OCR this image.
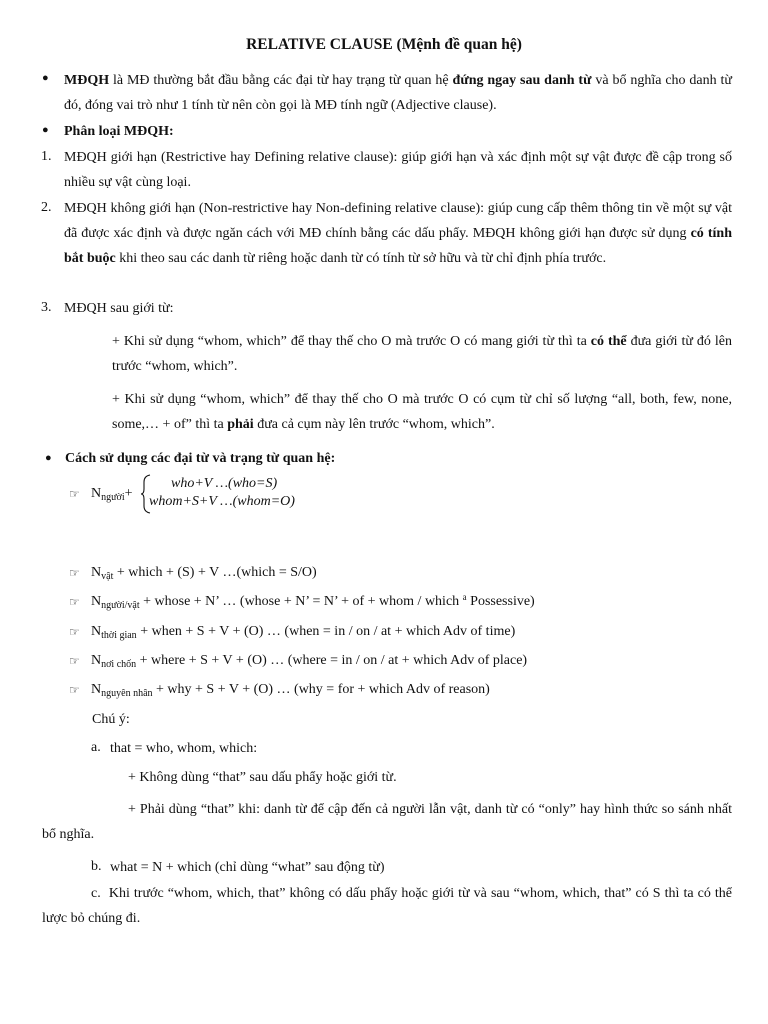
RELATIVE CLAUSE (Mệnh đề quan hệ)
● MĐQH là MĐ thường bắt đầu bằng các đại từ hay trạng từ quan hệ đứng ngay sau danh từ và bổ nghĩa cho danh từ đó, đóng vai trò như 1 tính từ nên còn gọi là MĐ tính ngữ (Adjective clause).
● Phân loại MĐQH:
1. MĐQH giới hạn (Restrictive hay Defining relative clause): giúp giới hạn và xác định một sự vật được đề cập trong số nhiều sự vật cùng loại.
2. MĐQH không giới hạn (Non-restrictive hay Non-defining relative clause): giúp cung cấp thêm thông tin về một sự vật đã được xác định và được ngăn cách với MĐ chính bằng các dấu phẩy. MĐQH không giới hạn được sử dụng có tính bắt buộc khi theo sau các danh từ riêng hoặc danh từ có tính từ sở hữu và từ chỉ định phía trước.
3. MĐQH sau giới từ:
+ Khi sử dụng “whom, which” để thay thế cho O mà trước O có mang giới từ thì ta có thể đưa giới từ đó lên trước “whom, which”.
+ Khi sử dụng “whom, which” để thay thế cho O mà trước O có cụm từ chỉ số lượng “all, both, few, none, some,… + of” thì ta phải đưa cả cụm này lên trước “whom, which”.
● Cách sử dụng các đại từ và trạng từ quan hệ:
☞ $N_{người}+$
who+V …(who=S)
whom+S+V …(whom=O)
☞ $N_{vật}$ + which + (S) + V …(which = S/O)
☞ $N_{người/vật}$ + whose + N’ … (whose + N’ = N’ + of + whom / which $^a$ Possessive)
☞ $N_{thời gian}$ + when + S + V + (O) … (when = in / on / at + which Adv of time)
☞ $N_{nơi chốn}$ + where + S + V + (O) … (where = in / on / at + which Adv of place)
☞ $N_{nguyên nhân}$ + why + S + V + (O) … (why = for + which Adv of reason)
Chú ý:
a. that = who, whom, which:
+ Không dùng “that” sau dấu phẩy hoặc giới từ.
+ Phải dùng “that” khi: danh từ để cập đến cả người lẫn vật, danh từ có “only” hay hình thức so sánh nhất bổ nghĩa.
b. what = N + which (chỉ dùng “what” sau động từ)
c. Khi trước “whom, which, that” không có dấu phẩy hoặc giới từ và sau “whom, which, that” có S thì ta có thể lược bỏ chúng đi.
